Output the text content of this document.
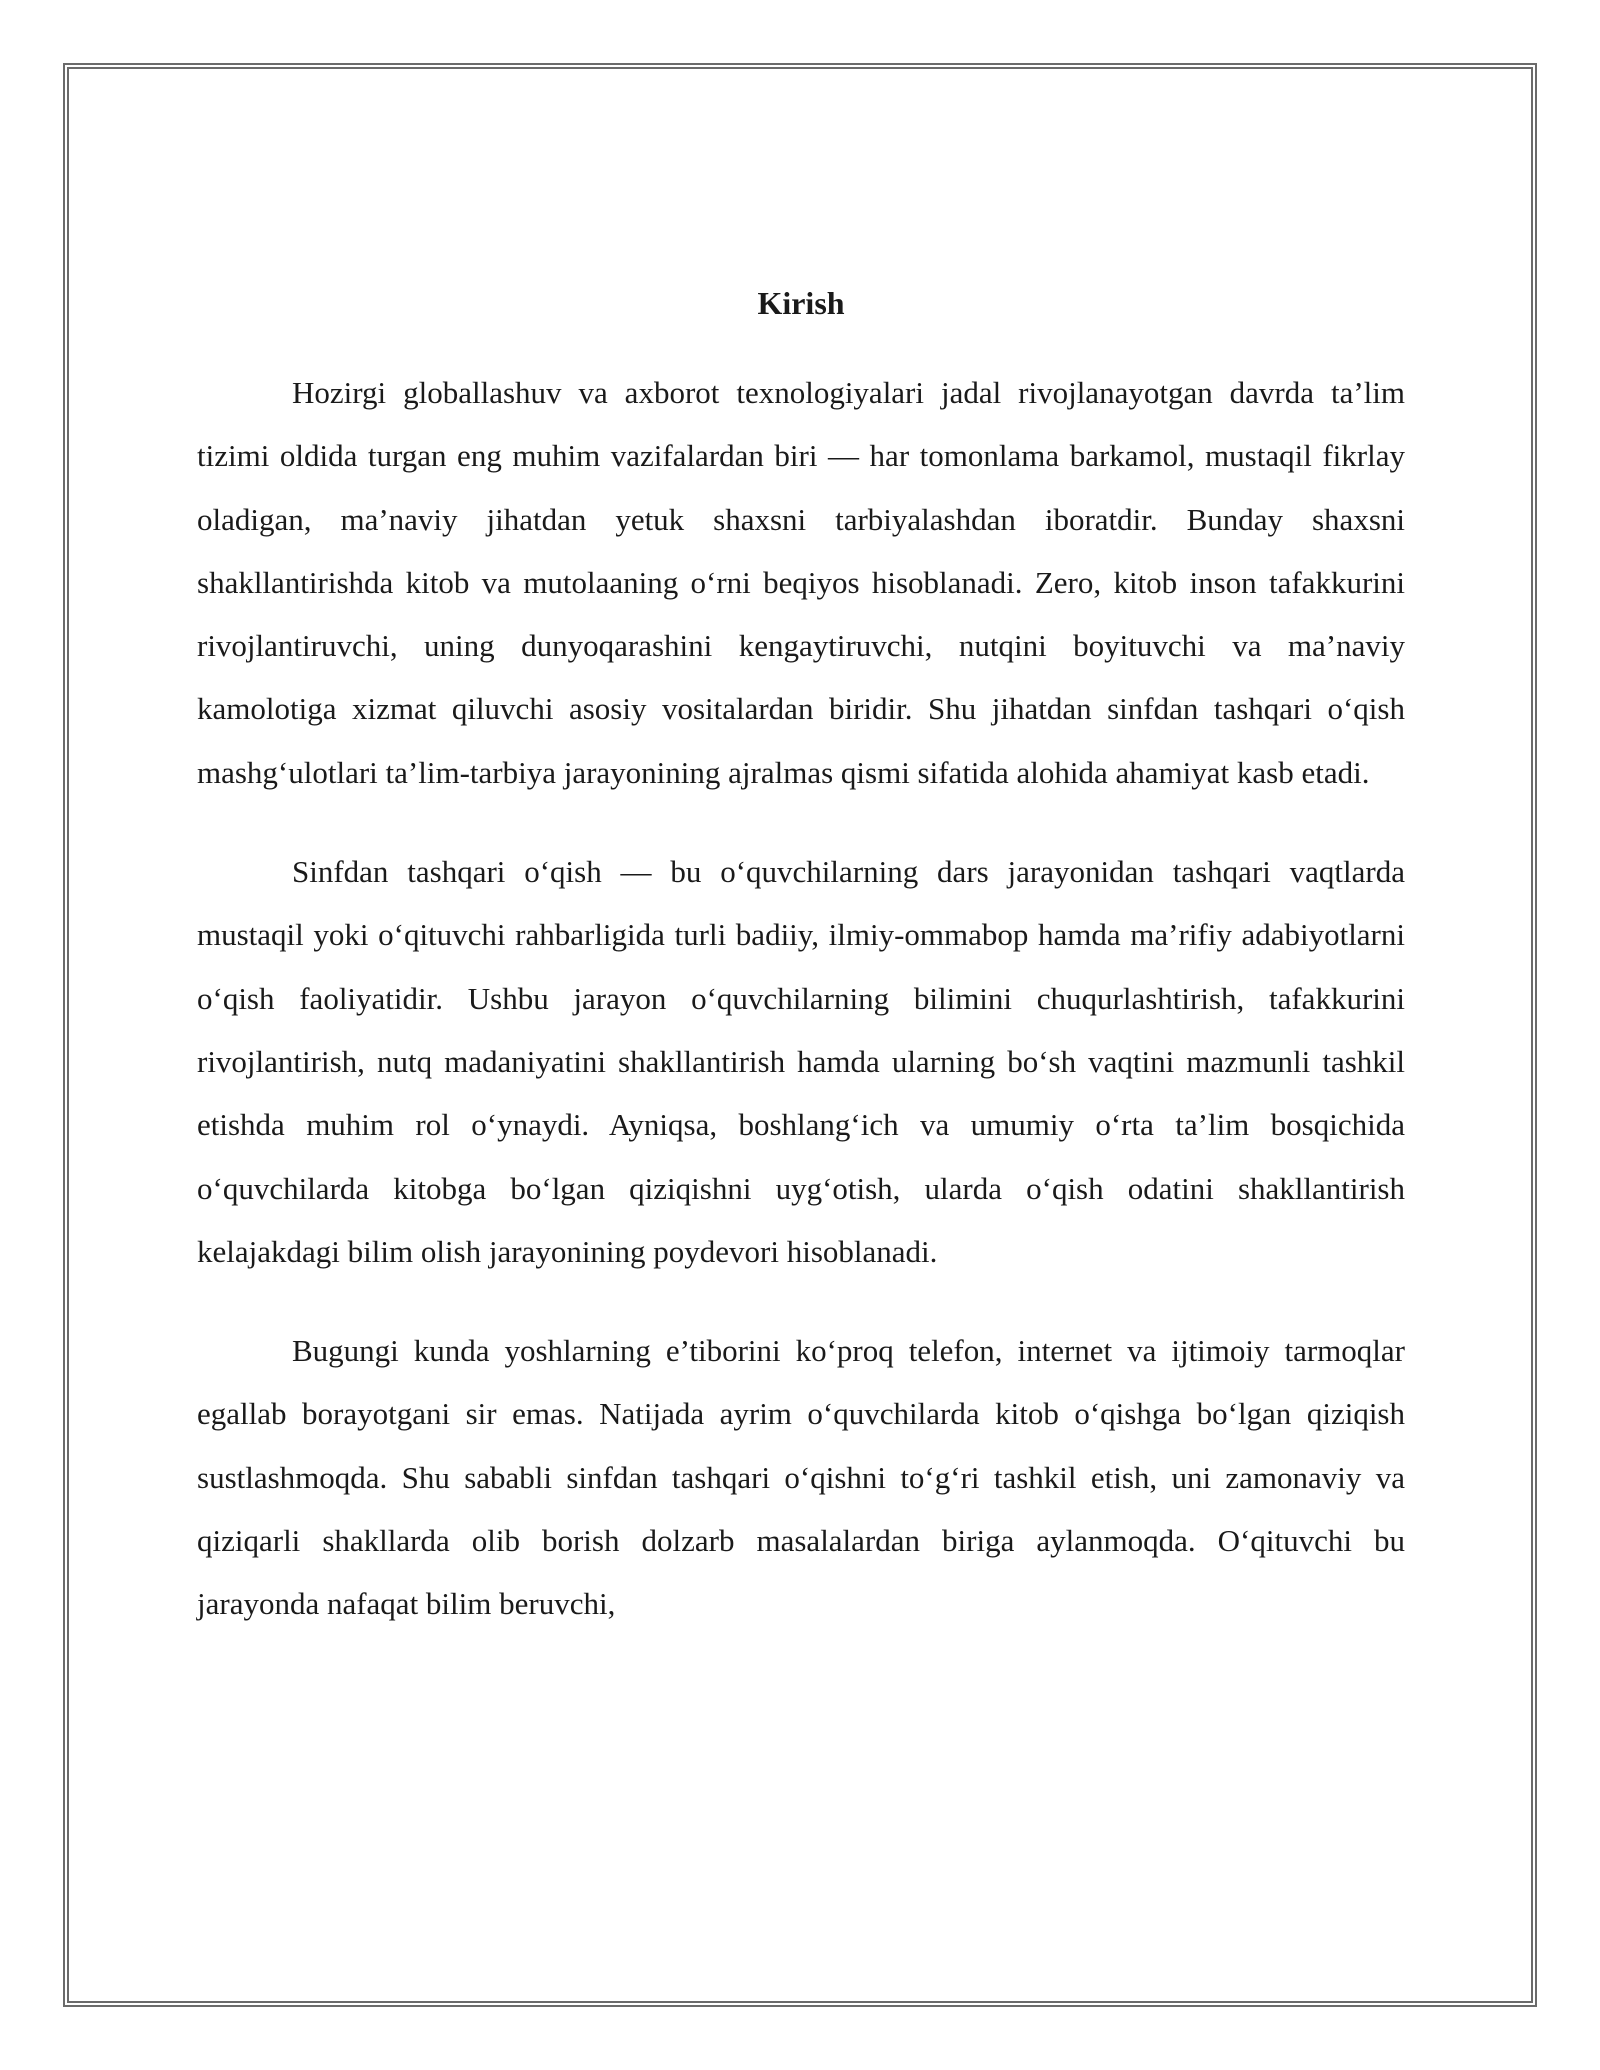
Kirish

Hozirgi globallashuv va axborot texnologiyalari jadal rivojlanayotgan davrda ta’lim tizimi oldida turgan eng muhim vazifalardan biri — har tomonlama barkamol, mustaqil fikrlay oladigan, ma’naviy jihatdan yetuk shaxsni tarbiyalashdan iboratdir. Bunday shaxsni shakllantirishda kitob va mutolaaning o‘rni beqiyos hisoblanadi. Zero, kitob inson tafakkurini rivojlantiruvchi, uning dunyoqarashini kengaytiruvchi, nutqini boyituvchi va ma’naviy kamolotiga xizmat qiluvchi asosiy vositalardan biridir. Shu jihatdan sinfdan tashqari o‘qish mashg‘ulotlari ta’lim-tarbiya jarayonining ajralmas qismi sifatida alohida ahamiyat kasb etadi.

Sinfdan tashqari o‘qish — bu o‘quvchilarning dars jarayonidan tashqari vaqtlarda mustaqil yoki o‘qituvchi rahbarligida turli badiiy, ilmiy-ommabop hamda ma’rifiy adabiyotlarni o‘qish faoliyatidir. Ushbu jarayon o‘quvchilarning bilimini chuqurlashtirish, tafakkurini rivojlantirish, nutq madaniyatini shakllantirish hamda ularning bo‘sh vaqtini mazmunli tashkil etishda muhim rol o‘ynaydi. Ayniqsa, boshlang‘ich va umumiy o‘rta ta’lim bosqichida o‘quvchilarda kitobga bo‘lgan qiziqishni uyg‘otish, ularda o‘qish odatini shakllantirish kelajakdagi bilim olish jarayonining poydevori hisoblanadi.

Bugungi kunda yoshlarning e’tiborini ko‘proq telefon, internet va ijtimoiy tarmoqlar egallab borayotgani sir emas. Natijada ayrim o‘quvchilarda kitob o‘qishga bo‘lgan qiziqish sustlashmoqda. Shu sababli sinfdan tashqari o‘qishni to‘g‘ri tashkil etish, uni zamonaviy va qiziqarli shakllarda olib borish dolzarb masalalardan biriga aylanmoqda. O‘qituvchi bu jarayonda nafaqat bilim beruvchi,
